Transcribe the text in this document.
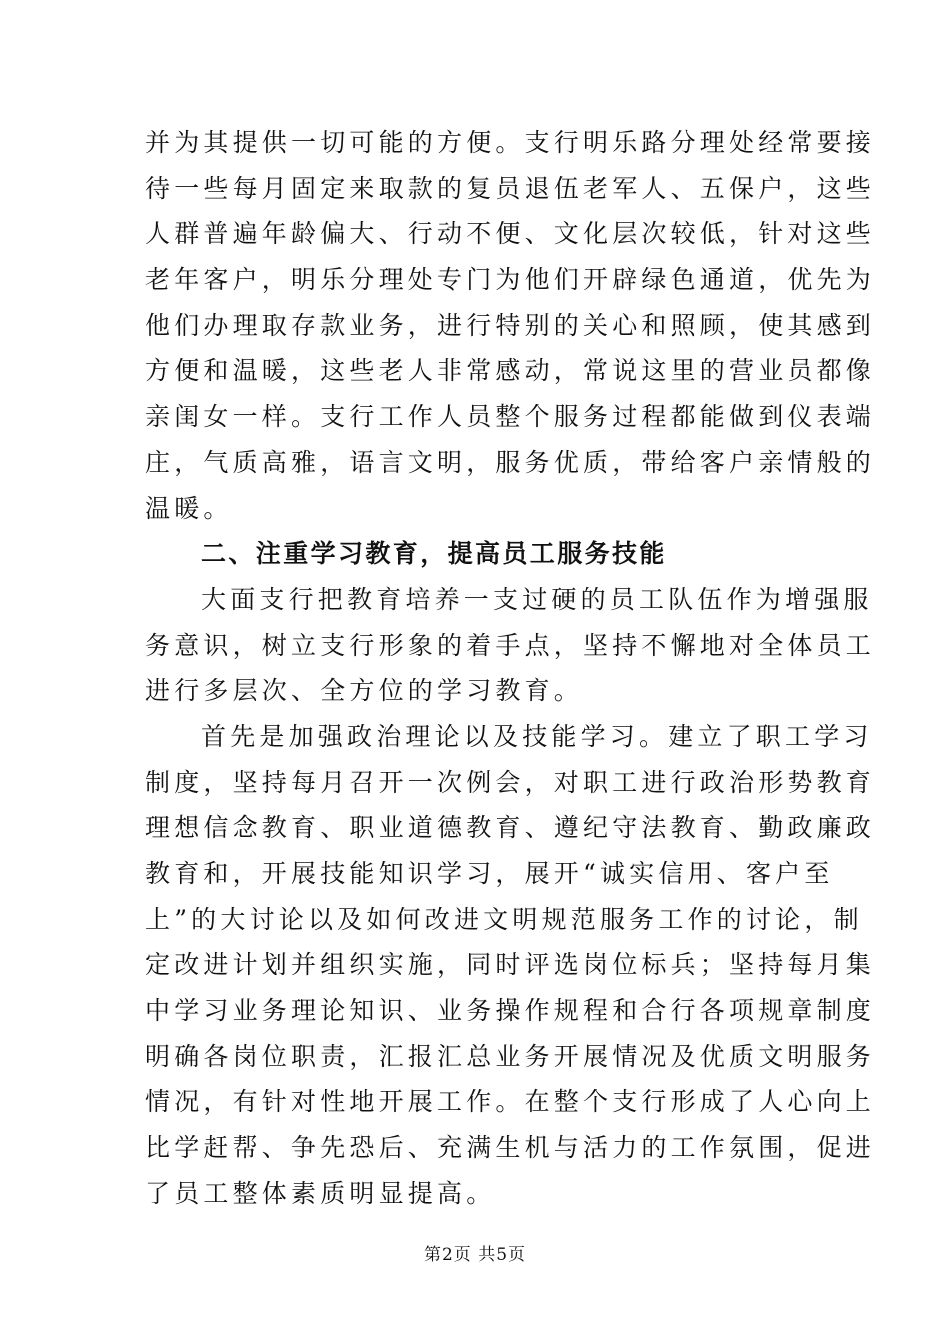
并为其提供一切可能的方便。支行明乐路分理处经常要接
待一些每月固定来取款的复员退伍老军人、五保户，这些
人群普遍年龄偏大、行动不便、文化层次较低，针对这些
老年客户，明乐分理处专门为他们开辟绿色通道，优先为
他们办理取存款业务，进行特别的关心和照顾，使其感到
方便和温暖，这些老人非常感动，常说这里的营业员都像
亲闺女一样。支行工作人员整个服务过程都能做到仪表端
庄，气质高雅，语言文明，服务优质，带给客户亲情般的
温暖。
二、注重学习教育，提高员工服务技能
大面支行把教育培养一支过硬的员工队伍作为增强服
务意识，树立支行形象的着手点，坚持不懈地对全体员工
进行多层次、全方位的学习教育。
首先是加强政治理论以及技能学习。建立了职工学习
制度，坚持每月召开一次例会，对职工进行政治形势教育
理想信念教育、职业道德教育、遵纪守法教育、勤政廉政
教育和，开展技能知识学习，展开“诚实信用、客户至
上”的大讨论以及如何改进文明规范服务工作的讨论，制
定改进计划并组织实施，同时评选岗位标兵；坚持每月集
中学习业务理论知识、业务操作规程和合行各项规章制度
明确各岗位职责，汇报汇总业务开展情况及优质文明服务
情况，有针对性地开展工作。在整个支行形成了人心向上
比学赶帮、争先恐后、充满生机与活力的工作氛围，促进
了员工整体素质明显提高。
第2页 共5页
